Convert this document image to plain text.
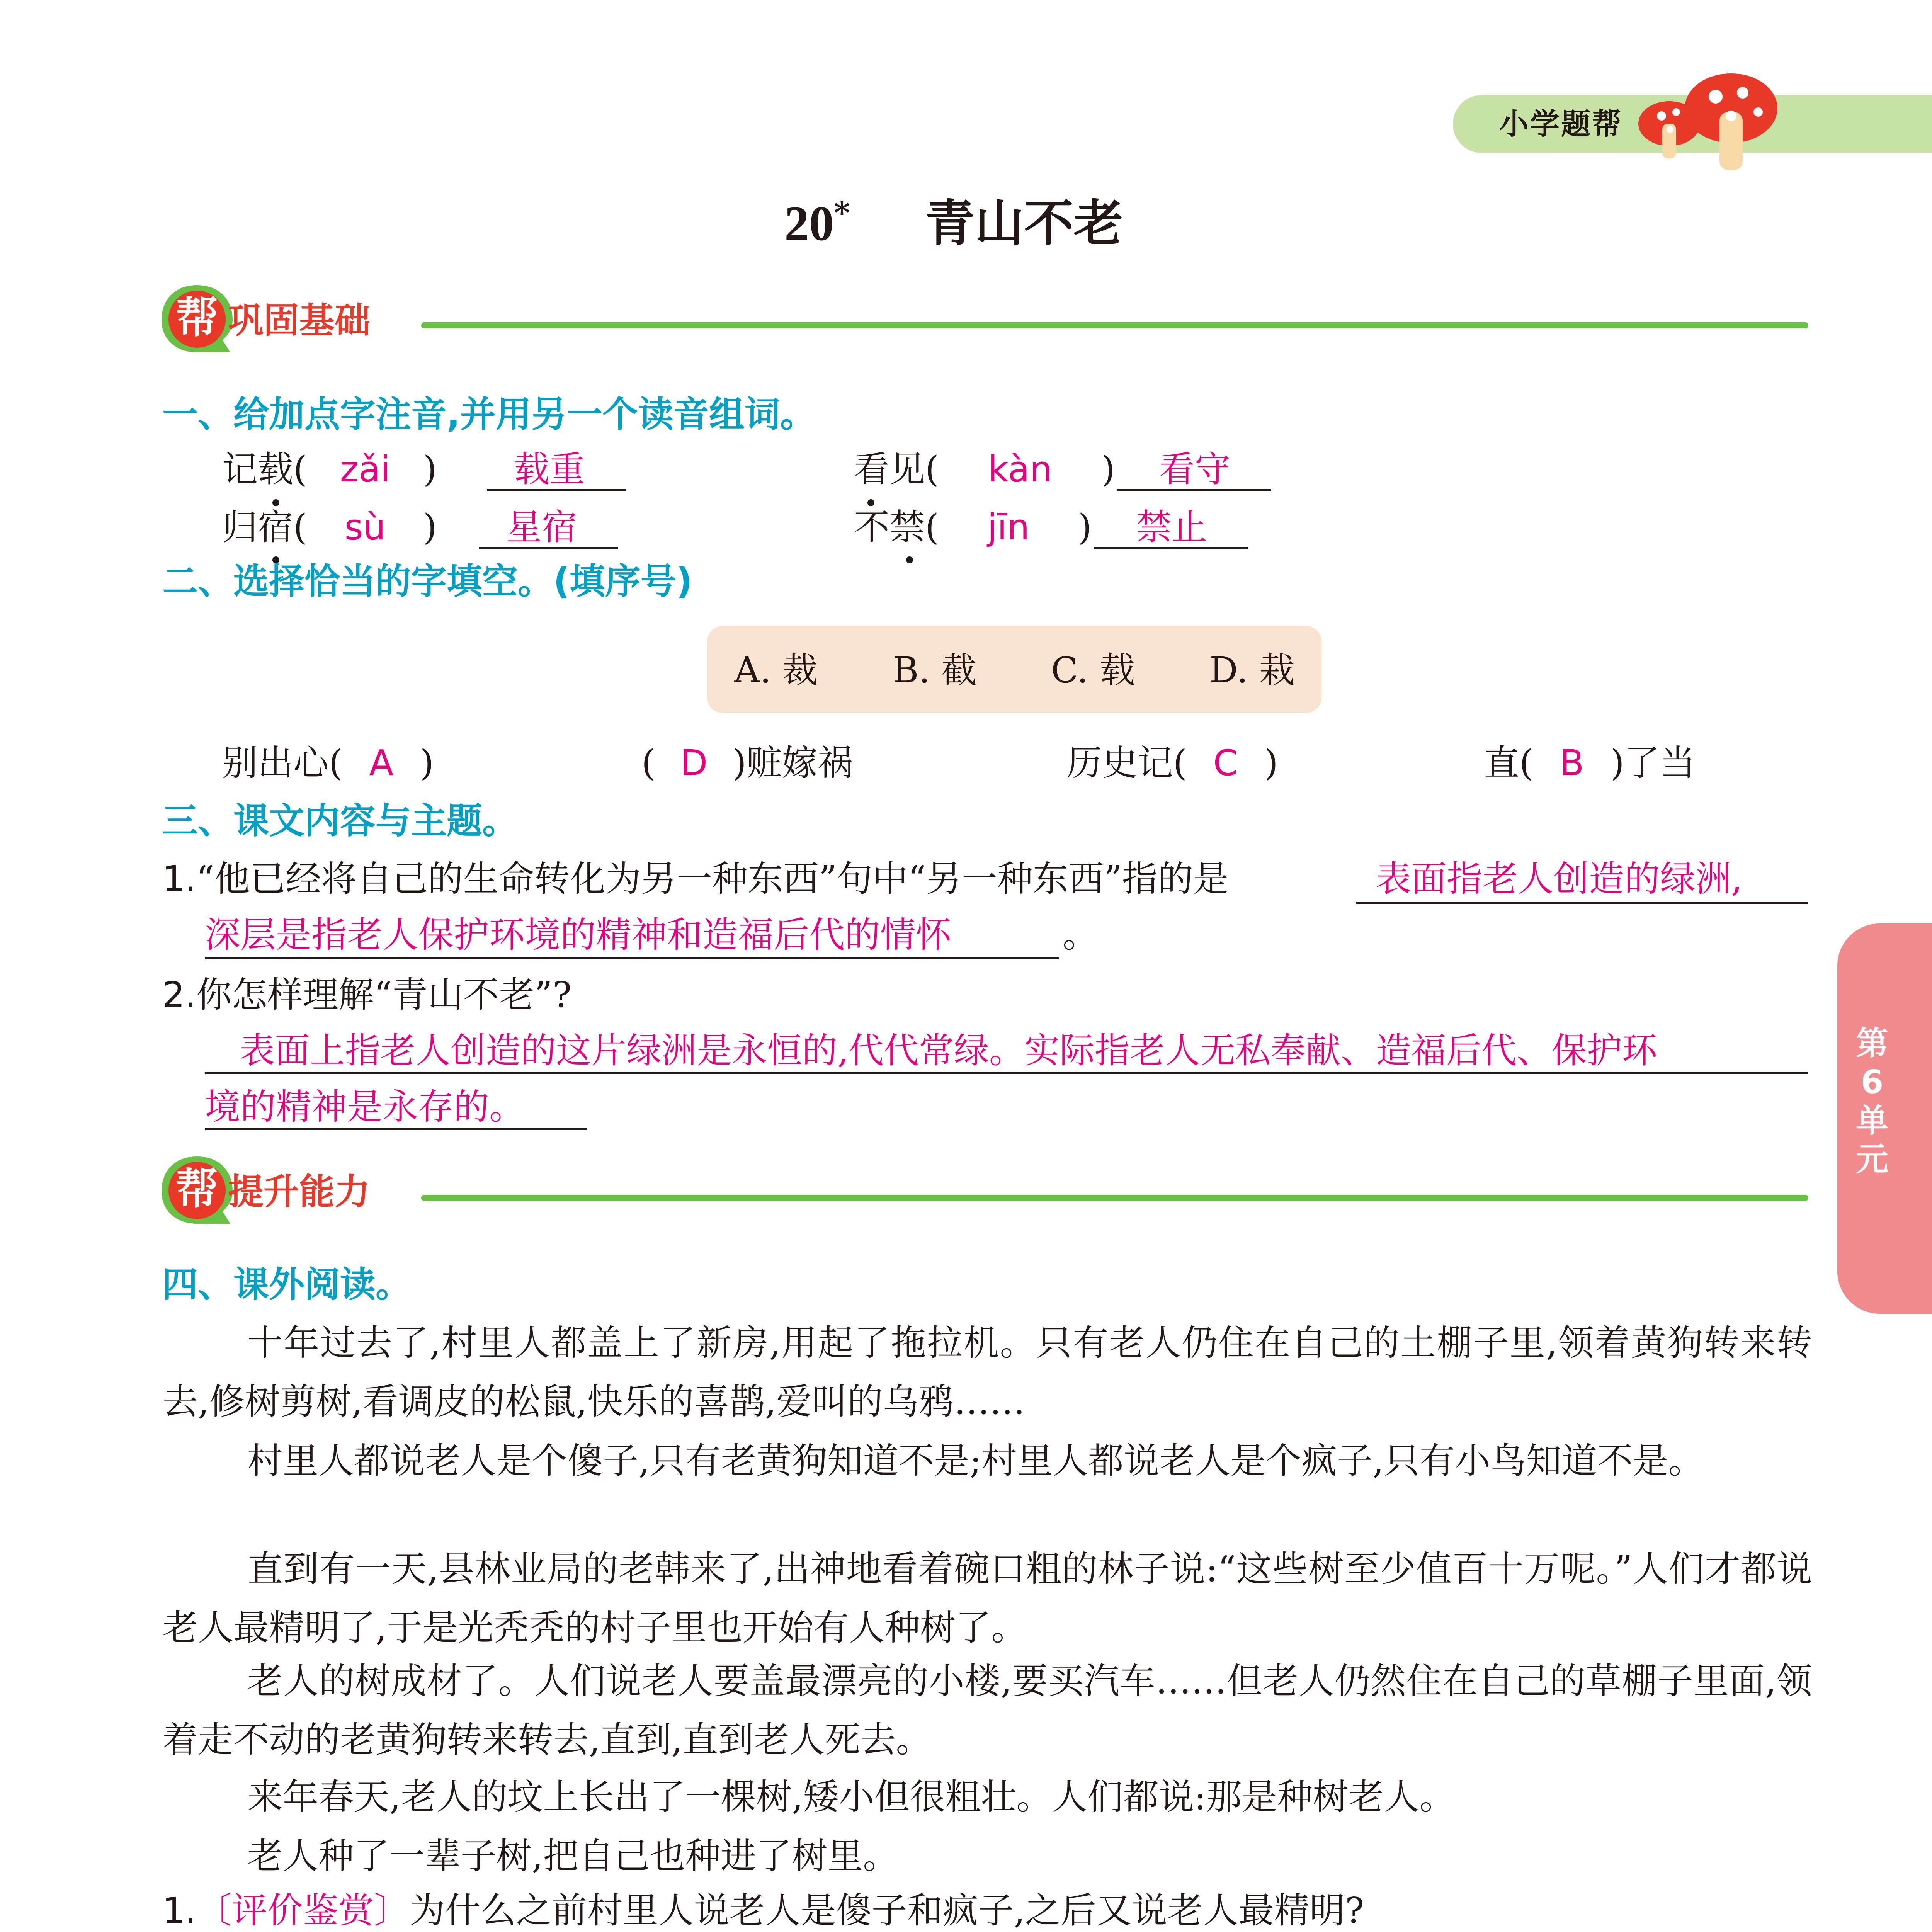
小学题帮
20* 青山不老
帮 巩固基础
一、给加点字注音,并用另一个读音组词。
记载( zǎi ) 载重	看见( kàn ) 看守
归宿( sù ) 星宿	不禁( jīn ) 禁止
二、选择恰当的字填空。(填序号)
A. 裁 B. 截 C. 载 D. 栽
别出心( A )	( D )赃嫁祸	历史记( C )	直( B )了当
三、课文内容与主题。
1.“他已经将自己的生命转化为另一种东西”句中“另一种东西”指的是	表面指老人创造的绿洲,
深层是指老人保护环境的精神和造福后代的情怀	。
2.你怎样理解“青山不老”?
表面上指老人创造的这片绿洲是永恒的,代代常绿。实际指老人无私奉献、造福后代、保护环
境的精神是永存的。
帮 提升能力
四、课外阅读。
十年过去了,村里人都盖上了新房,用起了拖拉机。只有老人仍住在自己的土棚子里,领着黄狗转来转去,修树剪树,看调皮的松鼠,快乐的喜鹊,爱叫的乌鸦……
村里人都说老人是个傻子,只有老黄狗知道不是;村里人都说老人是个疯子,只有小鸟知道不是。
直到有一天,县林业局的老韩来了,出神地看着碗口粗的林子说:“这些树至少值百十万呢。”人们才都说老人最精明了,于是光秃秃的村子里也开始有人种树了。
老人的树成材了。人们说老人要盖最漂亮的小楼,要买汽车……但老人仍然住在自己的草棚子里面,领着走不动的老黄狗转来转去,直到,直到老人死去。
来年春天,老人的坟上长出了一棵树,矮小但很粗壮。人们都说:那是种树老人。
老人种了一辈子树,把自己也种进了树里。
1.〔评价鉴赏〕为什么之前村里人说老人是傻子和疯子,之后又说老人最精明?
第
6
单
元
